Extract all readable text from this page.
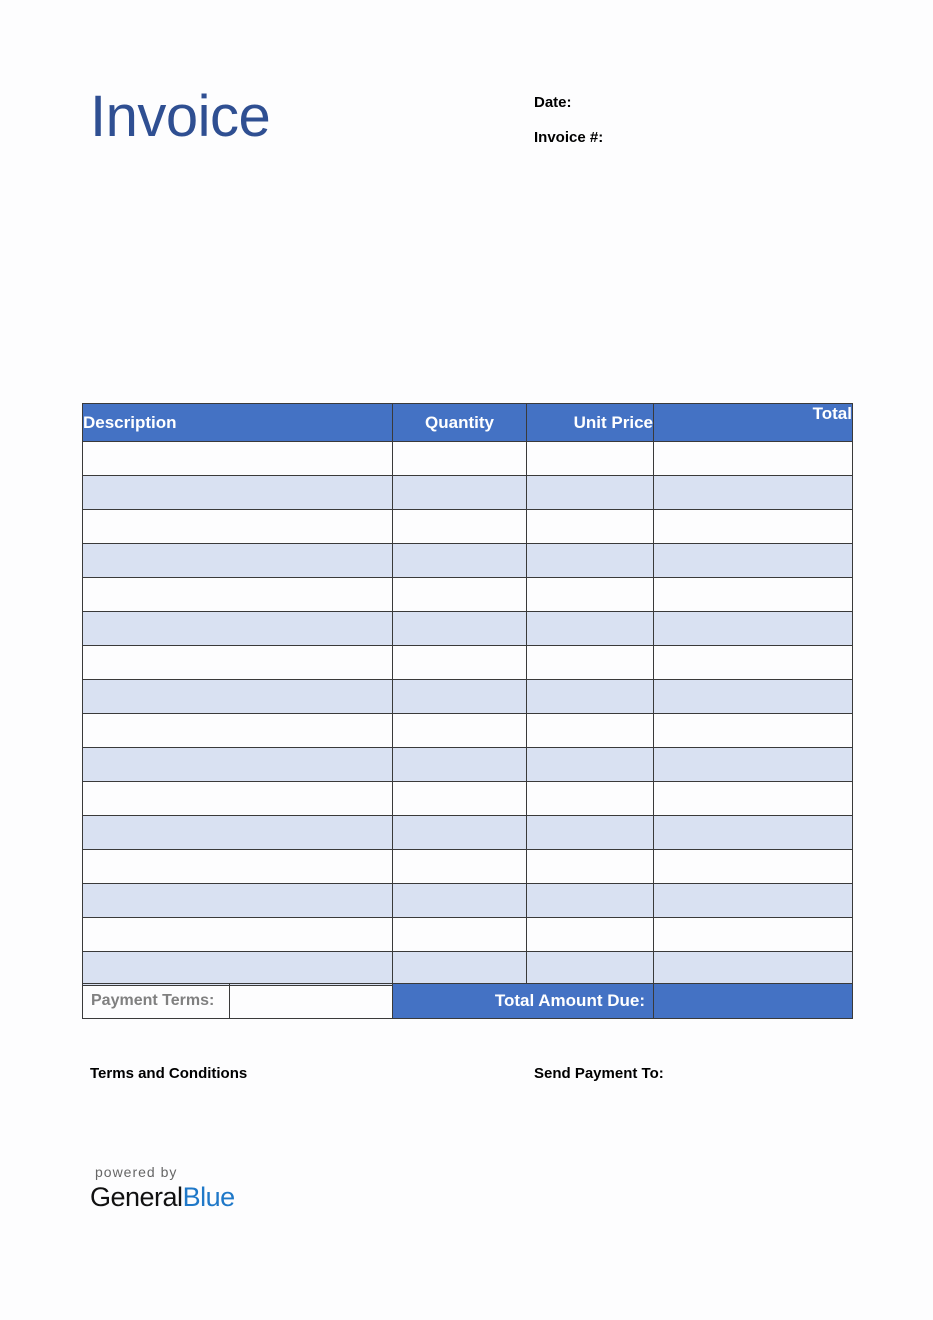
Invoice	Date:
Invoice #:
Description	Quantity	Unit Price	Total

Payment Terms:		Total Amount Due:	
Terms and Conditions	Send Payment To:
powered by
GeneralBlue
